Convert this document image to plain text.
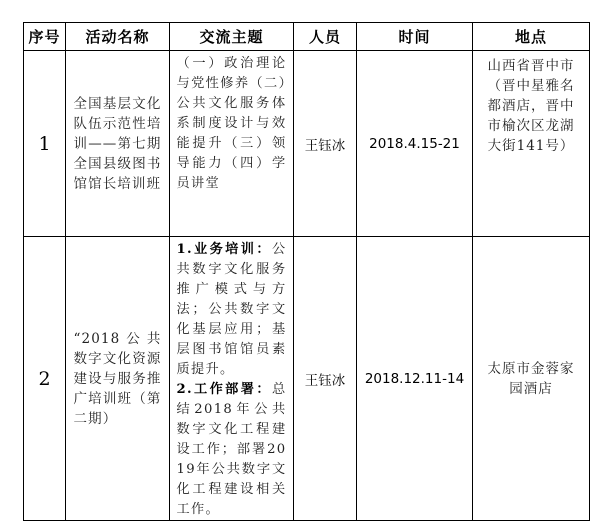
序号	活动名称	交流主题	人员	时间	地点
1	全国基层文化队伍示范性培训——第七期全国县级图书馆馆长培训班	（一）政治理论与党性修养（二）公共文化服务体系制度设计与效能提升（三）领导能力（四）学员讲堂	王钰冰	2018.4.15-21	山西省晋中市（晋中星雅名都酒店，晋中市榆次区龙湖大街141号）

2	“2018公共数字文化资源建设与服务推广培训班（第二期）	1.业务培训：公共数字文化服务推广模式与方法；公共数字文化基层应用；基层图书馆馆员素质提升。
2.工作部署：总结2018年公共数字文化工程建设工作；部署2019年公共数字文化工程建设相关工作。	王钰冰	2018.12.11-14	太原市金蓉家园酒店
